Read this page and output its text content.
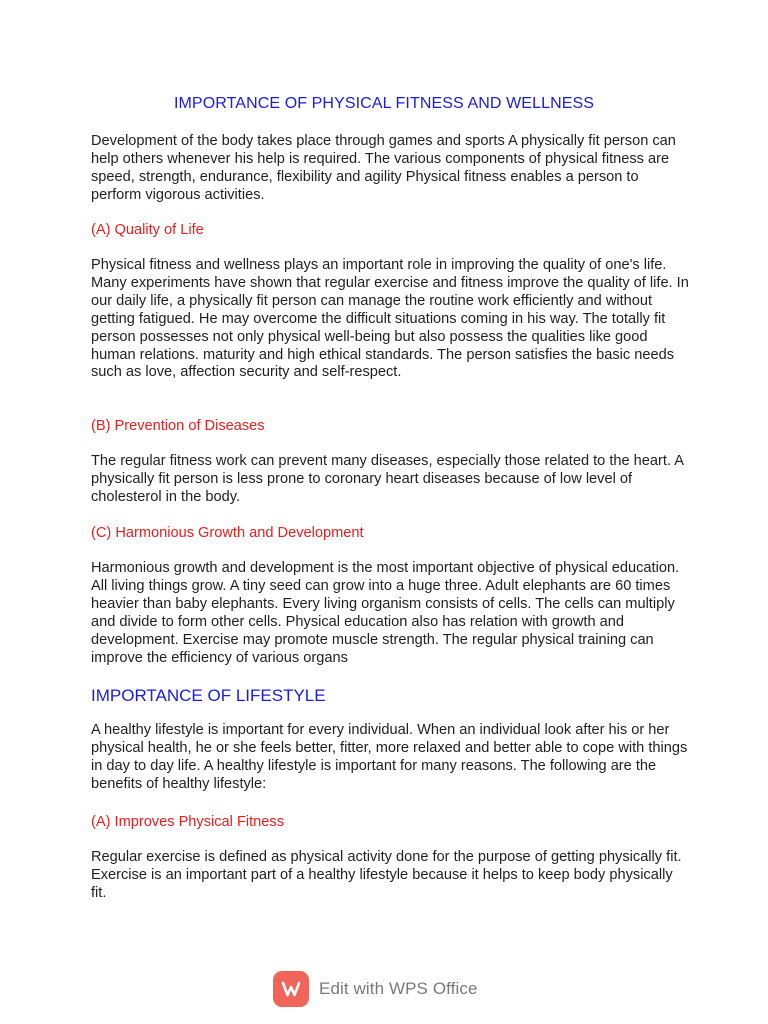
IMPORTANCE OF PHYSICAL FITNESS AND WELLNESS

Development of the body takes place through games and sports A physically fit person can help others whenever his help is required. The various components of physical fitness are speed, strength, endurance, flexibility and agility Physical fitness enables a person to perform vigorous activities.

(A) Quality of Life

Physical fitness and wellness plays an important role in improving the quality of one's life. Many experiments have shown that regular exercise and fitness improve the quality of life. In our daily life, a physically fit person can manage the routine work efficiently and without getting fatigued. He may overcome the difficult situations coming in his way. The totally fit person possesses not only physical well-being but also possess the qualities like good human relations. maturity and high ethical standards. The person satisfies the basic needs such as love, affection security and self-respect.

(B) Prevention of Diseases

The regular fitness work can prevent many diseases, especially those related to the heart. A physically fit person is less prone to coronary heart diseases because of low level of cholesterol in the body.

(C) Harmonious Growth and Development

Harmonious growth and development is the most important objective of physical education. All living things grow. A tiny seed can grow into a huge three. Adult elephants are 60 times heavier than baby elephants. Every living organism consists of cells. The cells can multiply and divide to form other cells. Physical education also has relation with growth and development. Exercise may promote muscle strength. The regular physical training can improve the efficiency of various organs

IMPORTANCE OF LIFESTYLE

A healthy lifestyle is important for every individual. When an individual look after his or her physical health, he or she feels better, fitter, more relaxed and better able to cope with things in day to day life. A healthy lifestyle is important for many reasons. The following are the benefits of healthy lifestyle:

(A) Improves Physical Fitness

Regular exercise is defined as physical activity done for the purpose of getting physically fit. Exercise is an important part of a healthy lifestyle because it helps to keep body physically fit.

Edit with WPS Office
